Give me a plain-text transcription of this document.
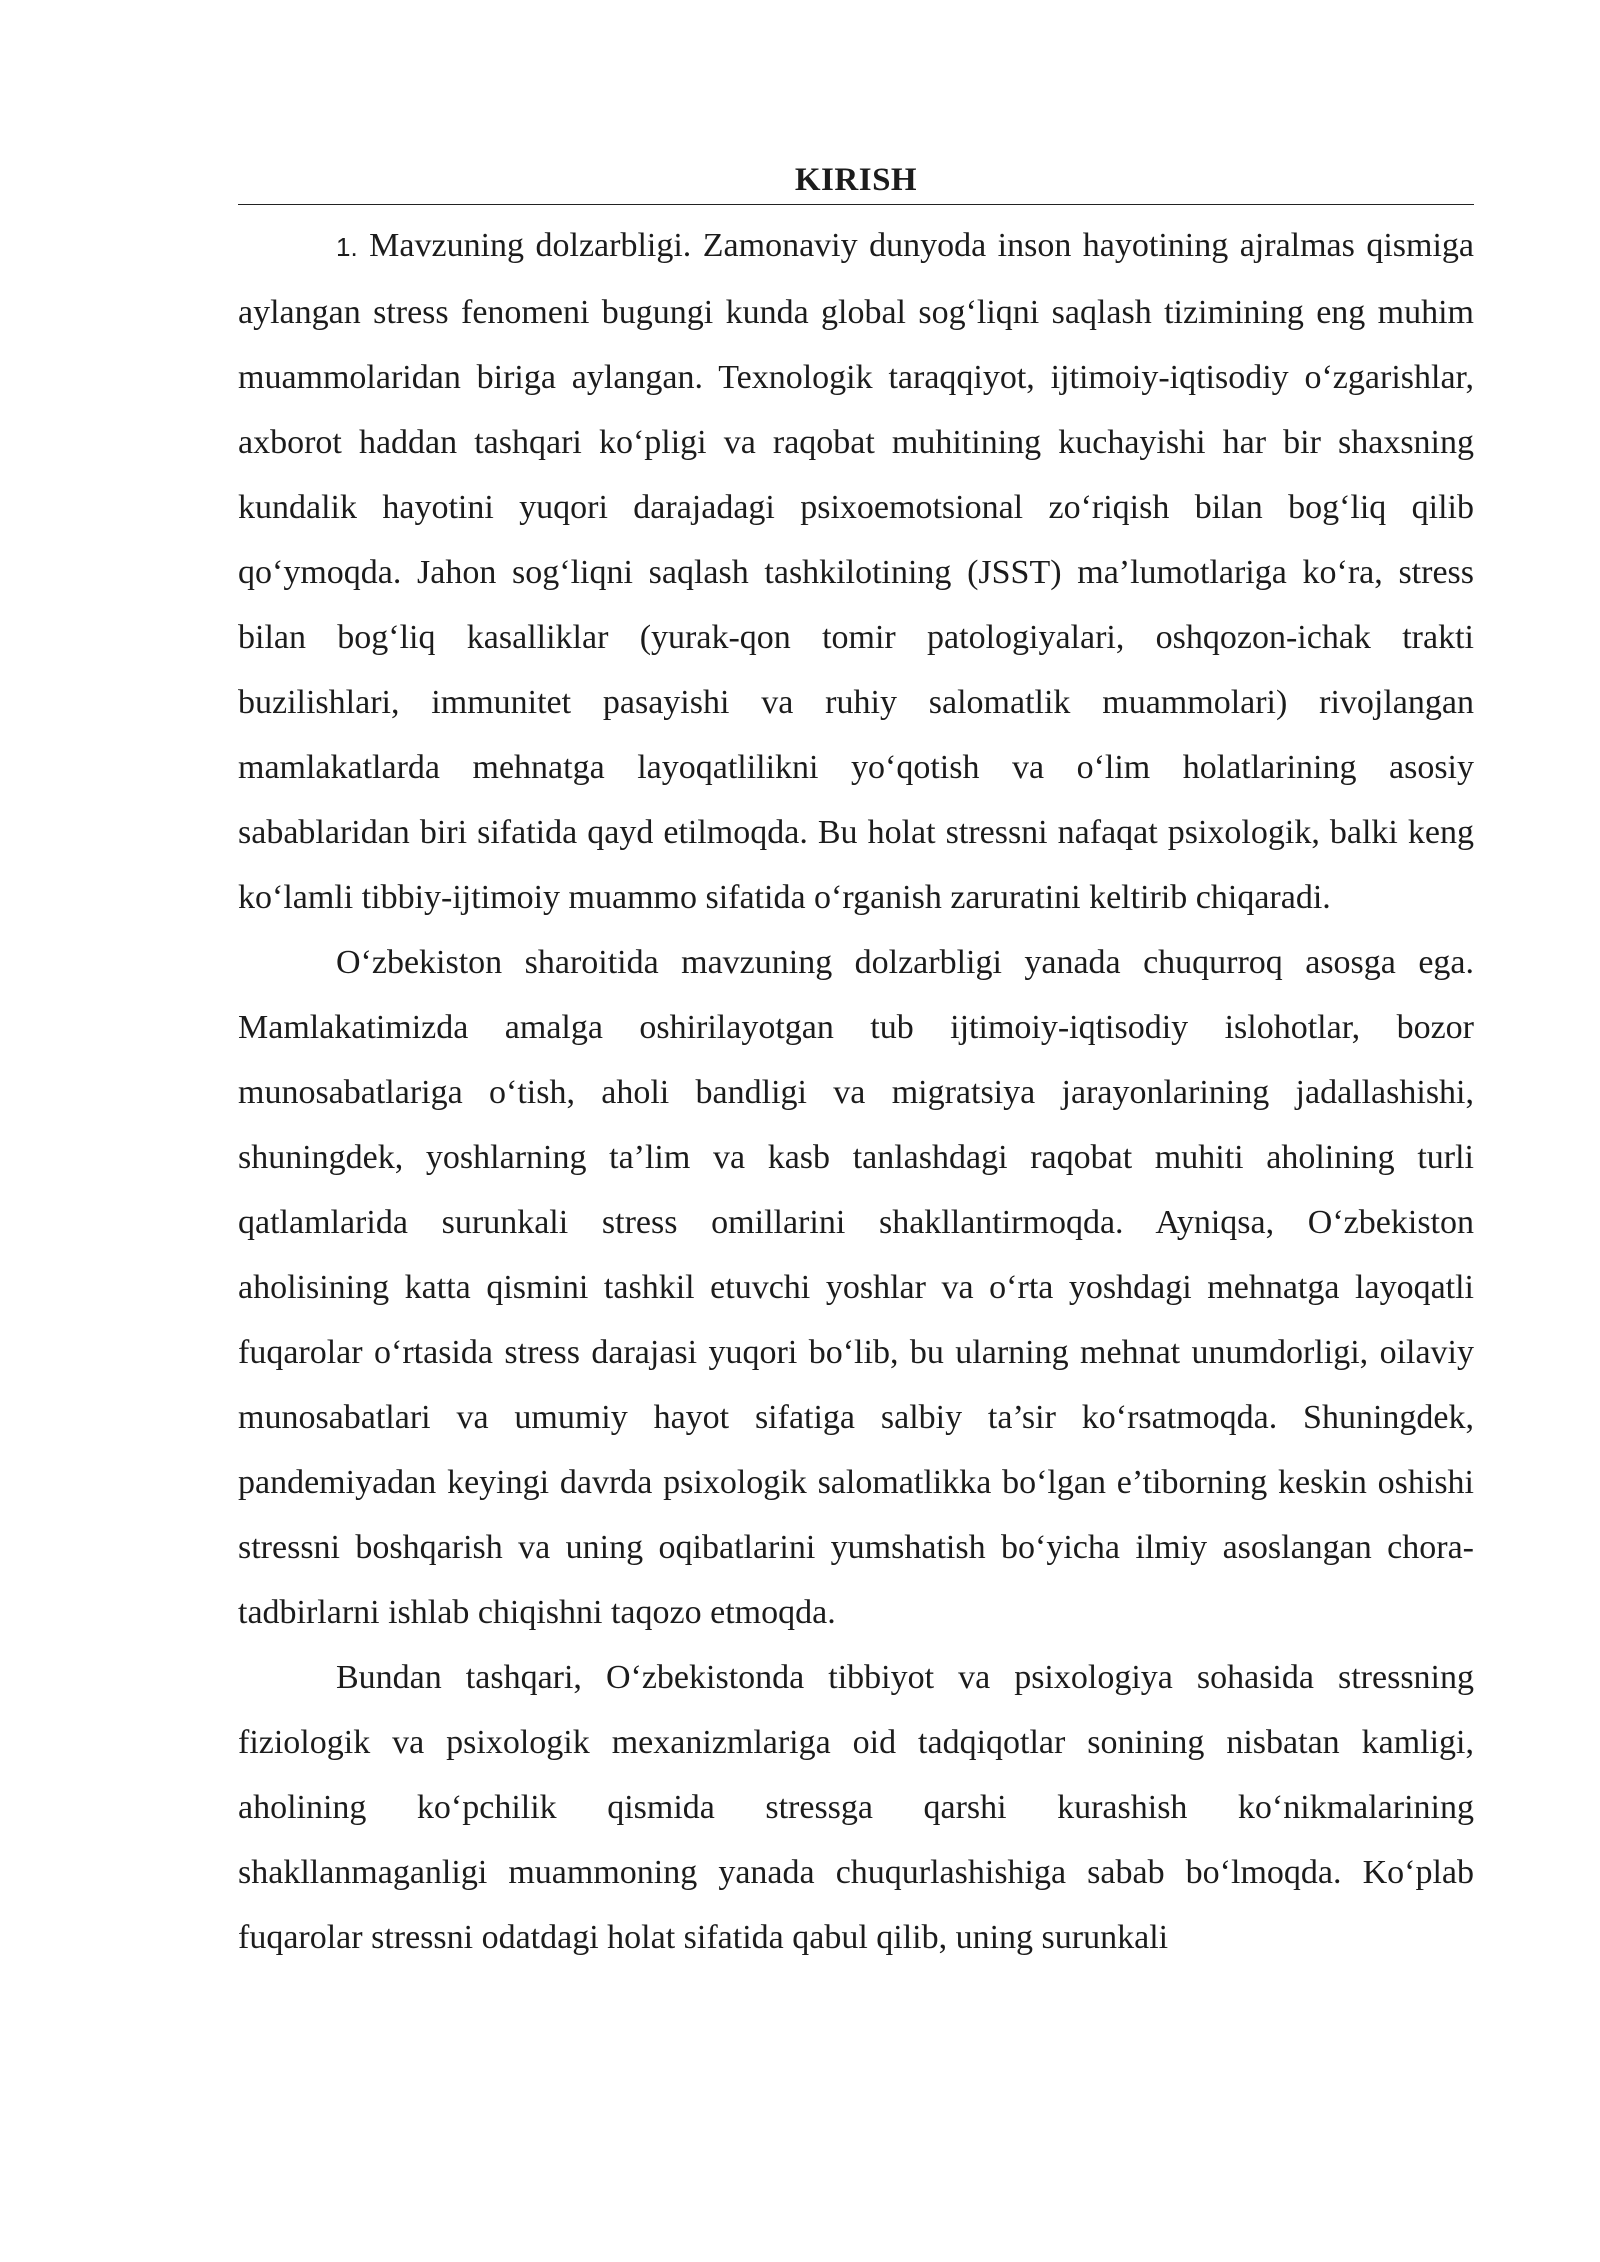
KIRISH

1. Mavzuning dolzarbligi. Zamonaviy dunyoda inson hayotining ajralmas qismiga aylangan stress fenomeni bugungi kunda global sog‘liqni saqlash tizimining eng muhim muammolaridan biriga aylangan. Texnologik taraqqiyot, ijtimoiy-iqtisodiy o‘zgarishlar, axborot haddan tashqari ko‘pligi va raqobat muhitining kuchayishi har bir shaxsning kundalik hayotini yuqori darajadagi psixoemotsional zo‘riqish bilan bog‘liq qilib qo‘ymoqda. Jahon sog‘liqni saqlash tashkilotining (JSST) ma’lumotlariga ko‘ra, stress bilan bog‘liq kasalliklar (yurak-qon tomir patologiyalari, oshqozon-ichak trakti buzilishlari, immunitet pasayishi va ruhiy salomatlik muammolari) rivojlangan mamlakatlarda mehnatga layoqatlilikni yo‘qotish va o‘lim holatlarining asosiy sabablaridan biri sifatida qayd etilmoqda. Bu holat stressni nafaqat psixologik, balki keng ko‘lamli tibbiy-ijtimoiy muammo sifatida o‘rganish zaruratini keltirib chiqaradi.

O‘zbekiston sharoitida mavzuning dolzarbligi yanada chuqurroq asosga ega. Mamlakatimizda amalga oshirilayotgan tub ijtimoiy-iqtisodiy islohotlar, bozor munosabatlariga o‘tish, aholi bandligi va migratsiya jarayonlarining jadallashishi, shuningdek, yoshlarning ta’lim va kasb tanlashdagi raqobat muhiti aholining turli qatlamlarida surunkali stress omillarini shakllantirmoqda. Ayniqsa, O‘zbekiston aholisining katta qismini tashkil etuvchi yoshlar va o‘rta yoshdagi mehnatga layoqatli fuqarolar o‘rtasida stress darajasi yuqori bo‘lib, bu ularning mehnat unumdorligi, oilaviy munosabatlari va umumiy hayot sifatiga salbiy ta’sir ko‘rsatmoqda. Shuningdek, pandemiyadan keyingi davrda psixologik salomatlikka bo‘lgan e’tiborning keskin oshishi stressni boshqarish va uning oqibatlarini yumshatish bo‘yicha ilmiy asoslangan chora-tadbirlarni ishlab chiqishni taqozo etmoqda.

Bundan tashqari, O‘zbekistonda tibbiyot va psixologiya sohasida stressning fiziologik va psixologik mexanizmlariga oid tadqiqotlar sonining nisbatan kamligi, aholining ko‘pchilik qismida stressga qarshi kurashish ko‘nikmalarining shakllanmaganligi muammoning yanada chuqurlashishiga sabab bo‘lmoqda. Ko‘plab fuqarolar stressni odatdagi holat sifatida qabul qilib, uning surunkali
